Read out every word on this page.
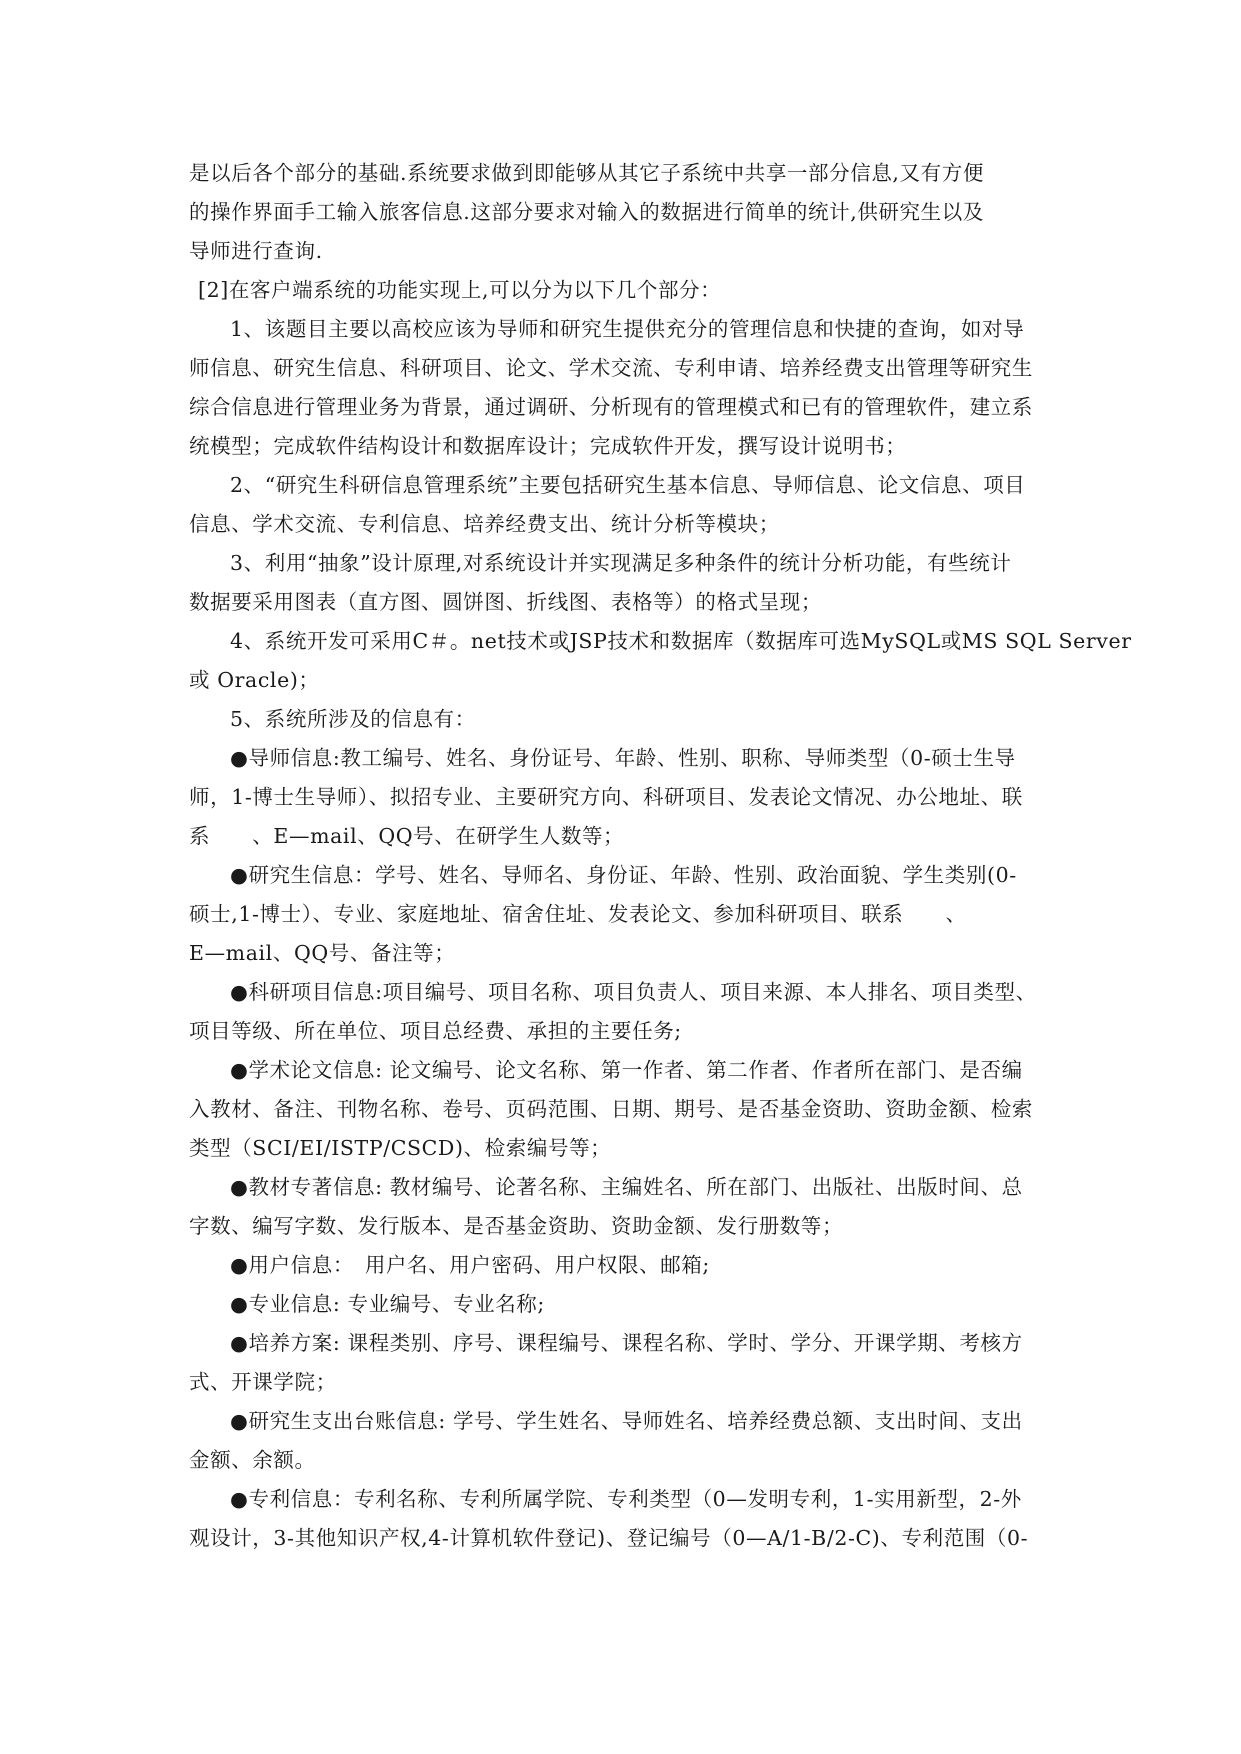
是以后各个部分的基础.系统要求做到即能够从其它子系统中共享一部分信息,又有方便
的操作界面手工输入旅客信息.这部分要求对输入的数据进行简单的统计,供研究生以及
导师进行查询.

[2]在客户端系统的功能实现上,可以分为以下几个部分：

1、该题目主要以高校应该为导师和研究生提供充分的管理信息和快捷的查询，如对导
师信息、研究生信息、科研项目、论文、学术交流、专利申请、培养经费支出管理等研究生
综合信息进行管理业务为背景，通过调研、分析现有的管理模式和已有的管理软件，建立系
统模型；完成软件结构设计和数据库设计；完成软件开发，撰写设计说明书；

2、“研究生科研信息管理系统”主要包括研究生基本信息、导师信息、论文信息、项目
信息、学术交流、专利信息、培养经费支出、统计分析等模块；

3、利用“抽象”设计原理,对系统设计并实现满足多种条件的统计分析功能，有些统计
数据要采用图表（直方图、圆饼图、折线图、表格等）的格式呈现；

4、系统开发可采用C＃。net技术或JSP技术和数据库（数据库可选MySQL或MS SQL Server
或 Oracle)；

5、系统所涉及的信息有：

●导师信息:教工编号、姓名、身份证号、年龄、性别、职称、导师类型（0-硕士生导
师，1-博士生导师）、拟招专业、主要研究方向、科研项目、发表论文情况、办公地址、联
系　　、E—mail、QQ号、在研学生人数等；

●研究生信息：学号、姓名、导师名、身份证、年龄、性别、政治面貌、学生类别(0-
硕士,1-博士）、专业、家庭地址、宿舍住址、发表论文、参加科研项目、联系　　、
E—mail、QQ号、备注等；

●科研项目信息:项目编号、项目名称、项目负责人、项目来源、本人排名、项目类型、
项目等级、所在单位、项目总经费、承担的主要任务;

●学术论文信息: 论文编号、论文名称、第一作者、第二作者、作者所在部门、是否编
入教材、备注、刊物名称、卷号、页码范围、日期、期号、是否基金资助、资助金额、检索
类型（SCI/EI/ISTP/CSCD)、检索编号等；

●教材专著信息: 教材编号、论著名称、主编姓名、所在部门、出版社、出版时间、总
字数、编写字数、发行版本、是否基金资助、资助金额、发行册数等；

●用户信息：　用户名、用户密码、用户权限、邮箱;

●专业信息: 专业编号、专业名称;

●培养方案: 课程类别、序号、课程编号、课程名称、学时、学分、开课学期、考核方
式、开课学院；

●研究生支出台账信息: 学号、学生姓名、导师姓名、培养经费总额、支出时间、支出
金额、余额。

●专利信息：专利名称、专利所属学院、专利类型（0—发明专利，1-实用新型，2-外
观设计，3-其他知识产权,4-计算机软件登记)、登记编号（0—A/1-B/2-C)、专利范围（0-
